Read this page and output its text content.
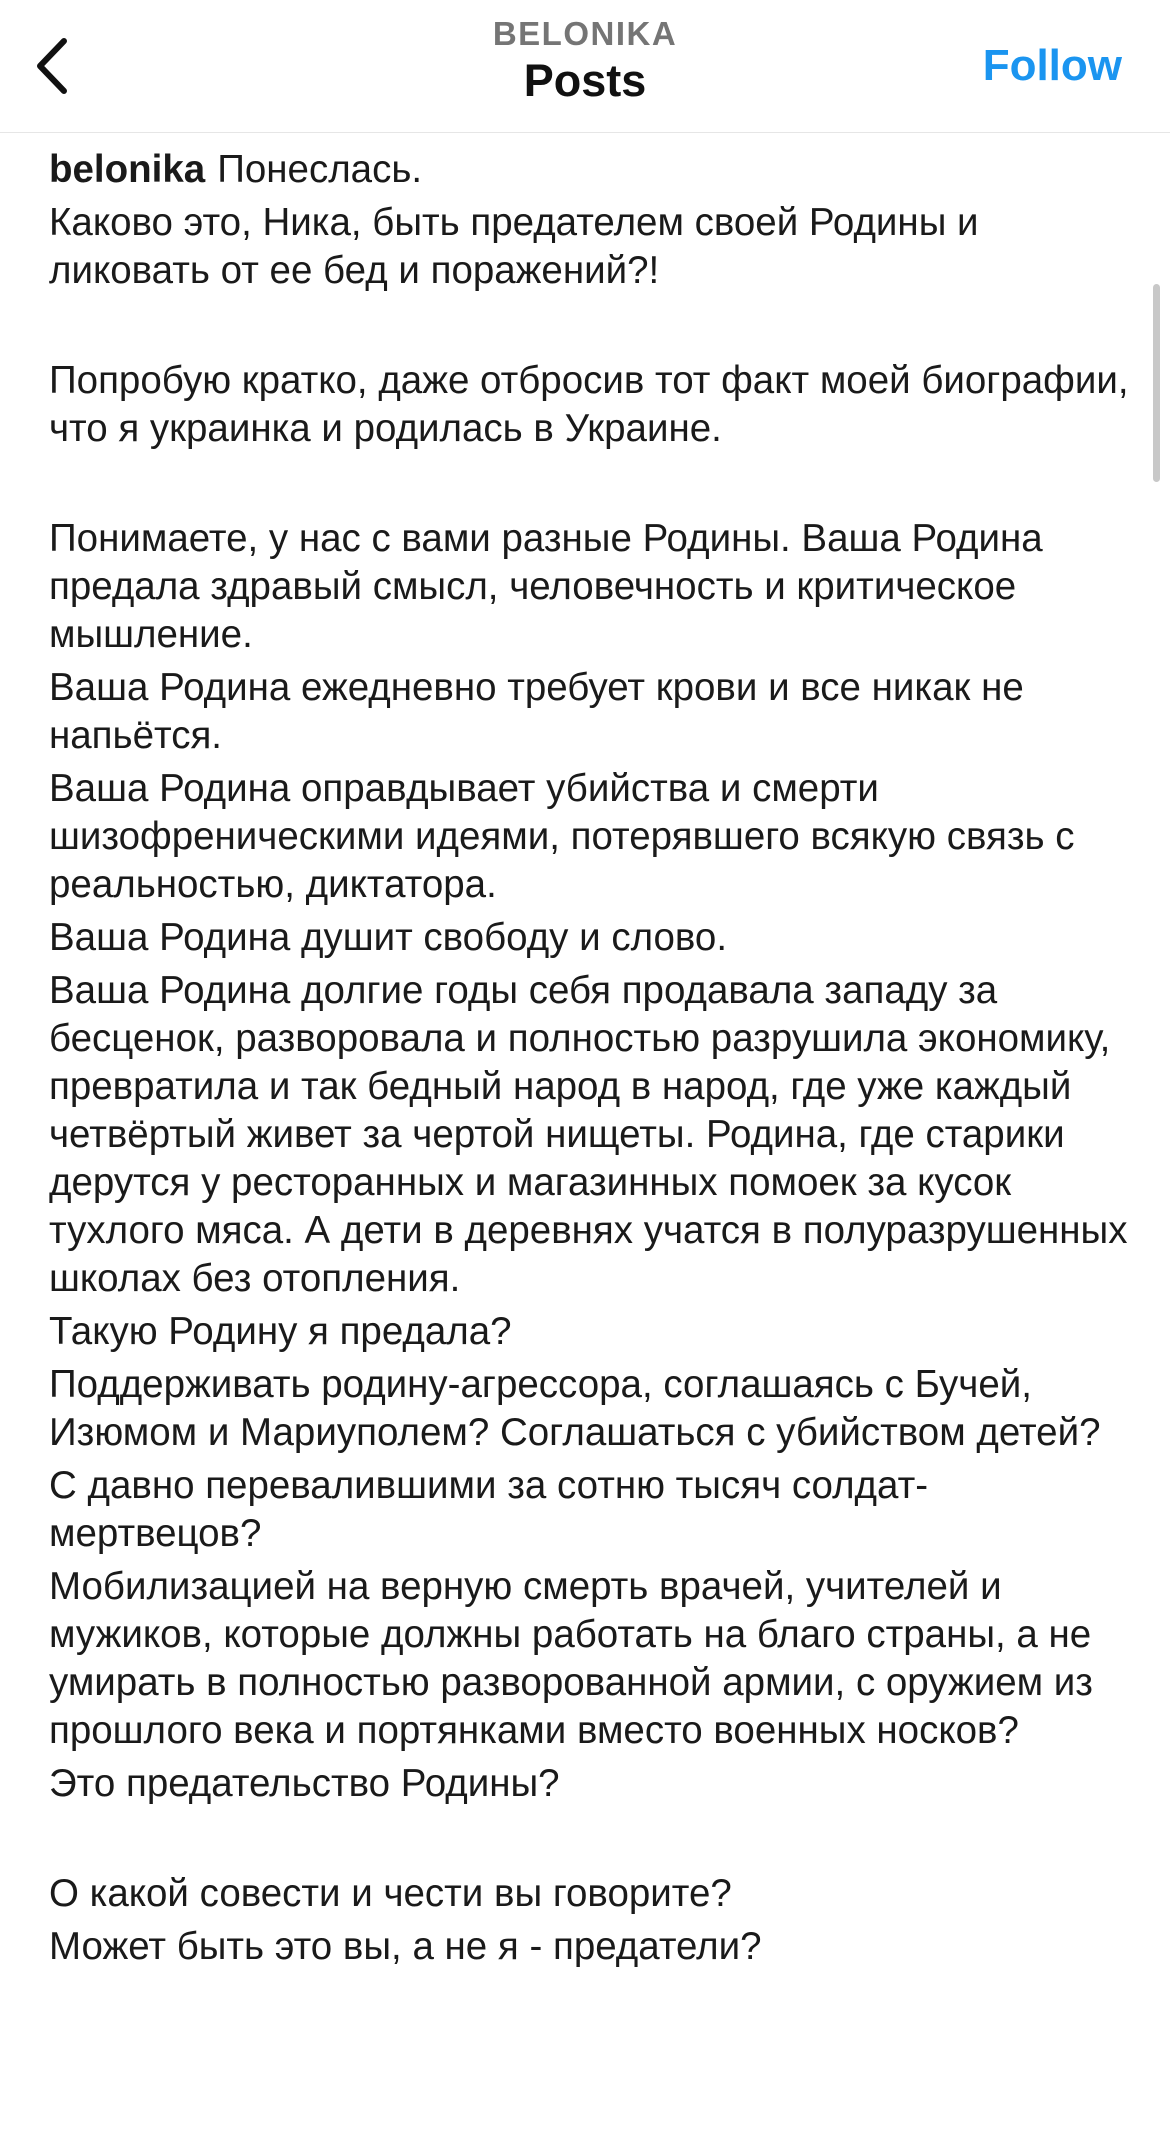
BELONIKA
Posts	Follow

belonika Понеслась.

Каково это, Ника, быть предателем своей Родины и ликовать от ее бед и поражений?!

Попробую кратко, даже отбросив тот факт моей биографии, что я украинка и родилась в Украине.

Понимаете, у нас с вами разные Родины. Ваша Родина предала здравый смысл, человечность и критическое мышление.

Ваша Родина ежедневно требует крови и все никак не напьётся.

Ваша Родина оправдывает убийства и смерти шизофреническими идеями, потерявшего всякую связь с реальностью, диктатора.

Ваша Родина душит свободу и слово.

Ваша Родина долгие годы себя продавала западу за бесценок, разворовала и полностью разрушила экономику, превратила и так бедный народ в народ, где уже каждый четвёртый живет за чертой нищеты. Родина, где старики дерутся у ресторанных и магазинных помоек за кусок тухлого мяса. А дети в деревнях учатся в полуразрушенных школах без отопления.

Такую Родину я предала?

Поддерживать родину-агрессора, соглашаясь с Бучей, Изюмом и Мариуполем? Соглашаться с убийством детей?

С давно перевалившими за сотню тысяч солдат-мертвецов?

Мобилизацией на верную смерть врачей, учителей и мужиков, которые должны работать на благо страны, а не умирать в полностью разворованной армии, с оружием из прошлого века и портянками вместо военных носков?

Это предательство Родины?

О какой совести и чести вы говорите?

Может быть это вы, а не я - предатели?
